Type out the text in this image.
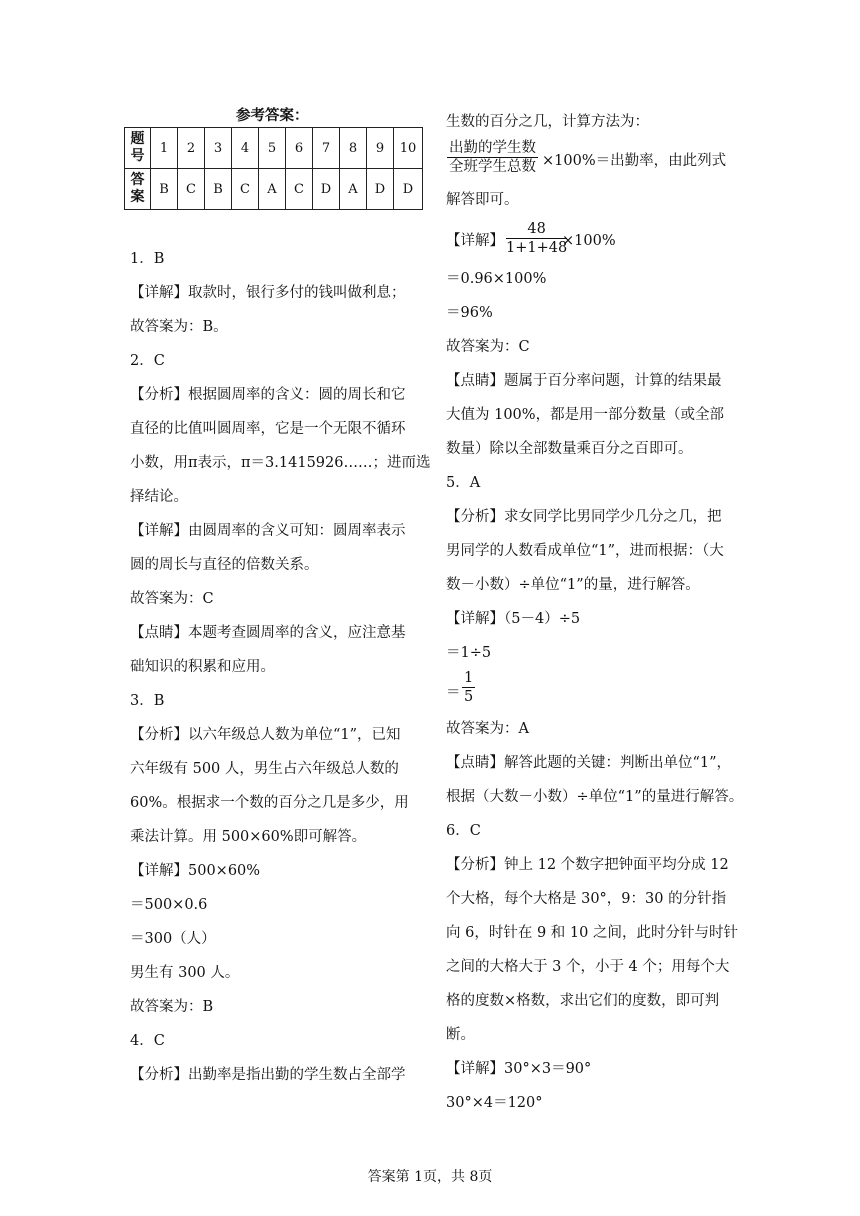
参考答案：
题
号	1	2	3	4	5	6	7	8	9	10
答
案	B	C	B	C	A	C	D	A	D	D
1．B
【详解】取款时，银行多付的钱叫做利息；
故答案为：B。
2．C
【分析】根据圆周率的含义：圆的周长和它
直径的比值叫圆周率，它是一个无限不循环
小数，用π表示，π＝3.1415926……；进而选
择结论。
【详解】由圆周率的含义可知：圆周率表示
圆的周长与直径的倍数关系。
故答案为：C
【点睛】本题考查圆周率的含义，应注意基
础知识的积累和应用。
3．B
【分析】以六年级总人数为单位“1”，已知
六年级有 500 人，男生占六年级总人数的
60%。根据求一个数的百分之几是多少，用
乘法计算。用 500×60%即可解答。
【详解】500×60%
＝500×0.6
＝300（人）
男生有 300 人。
故答案为：B
4．C
【分析】出勤率是指出勤的学生数占全部学
生数的百分之几，计算方法为：
出勤的学生数
全班学生总数 ×100%＝出勤率，由此列式
解答即可。
【详解】 $\frac{48}{1+1+48}$
×100%
＝0.96×100%
＝96%
故答案为：C
【点睛】题属于百分率问题，计算的结果最
大值为 100%，都是用一部分数量（或全部
数量）除以全部数量乘百分之百即可。
5．A
【分析】求女同学比男同学少几分之几，把
男同学的人数看成单位“1”，进而根据：（大
数－小数）÷单位“1”的量，进行解答。
【详解】（5－4）÷5
＝1÷5
＝ $\frac{1}{5}$
故答案为：A
【点睛】解答此题的关键：判断出单位“1”，
根据（大数－小数）÷单位“1”的量进行解答。
6．C
【分析】钟上 12 个数字把钟面平均分成 12
个大格，每个大格是 30°，9：30 的分针指
向 6，时针在 9 和 10 之间，此时分针与时针
之间的大格大于 3 个，小于 4 个；用每个大
格的度数×格数，求出它们的度数，即可判
断。
【详解】30°×3＝90°
30°×4＝120°
答案第 1页，共 8页
